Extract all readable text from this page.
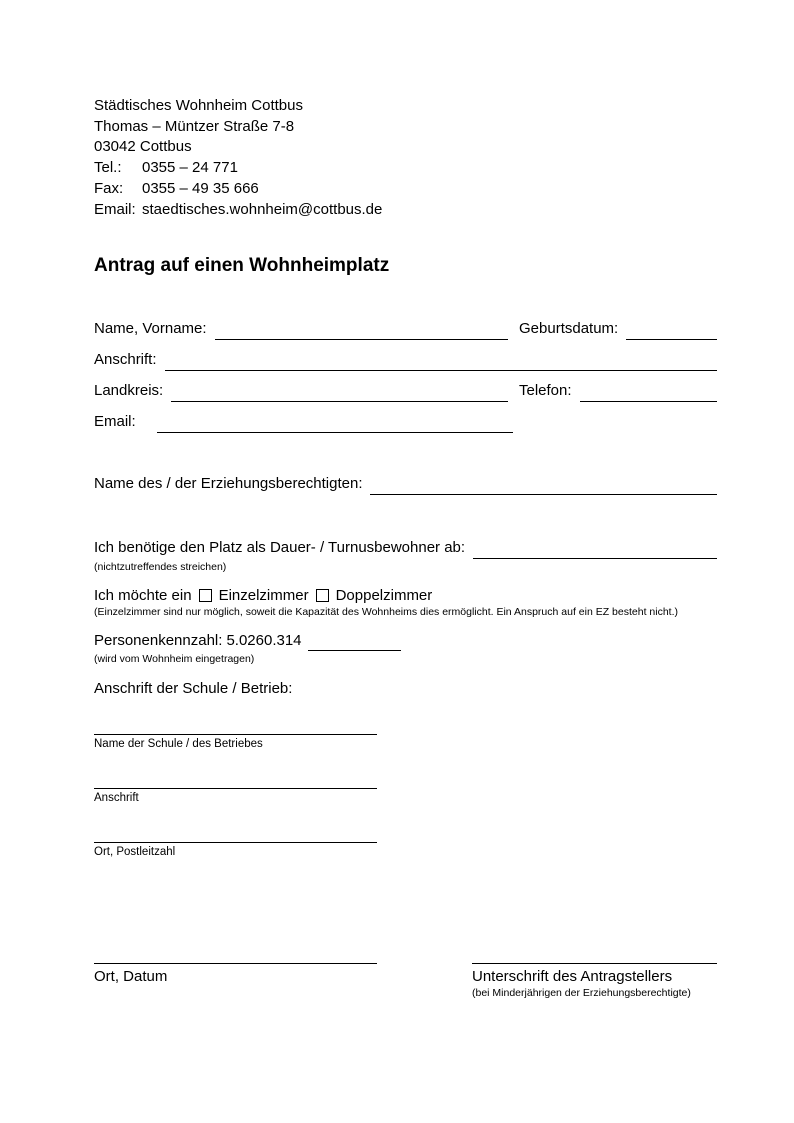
Städtisches Wohnheim Cottbus
Thomas – Müntzer Straße 7-8
03042 Cottbus
Tel.:	0355 – 24 771
Fax:	0355 – 49 35 666
Email: staedtisches.wohnheim@cottbus.de
Antrag auf einen Wohnheimplatz
Name, Vorname:	Geburtsdatum:
Anschrift:
Landkreis:	Telefon:
Email:
Name des / der Erziehungsberechtigten:
Ich benötige den Platz als Dauer- / Turnusbewohner ab:
(nichtzutreffendes streichen)
Ich möchte ein Einzelzimmer Doppelzimmer
(Einzelzimmer sind nur möglich, soweit die Kapazität des Wohnheims dies ermöglicht. Ein Anspruch auf ein EZ besteht nicht.)
Personenkennzahl: 5.0260.314
(wird vom Wohnheim eingetragen)
Anschrift der Schule / Betrieb:
Name der Schule / des Betriebes
Anschrift
Ort, Postleitzahl
Ort, Datum	Unterschrift des Antragstellers
(bei Minderjährigen der Erziehungsberechtigte)
